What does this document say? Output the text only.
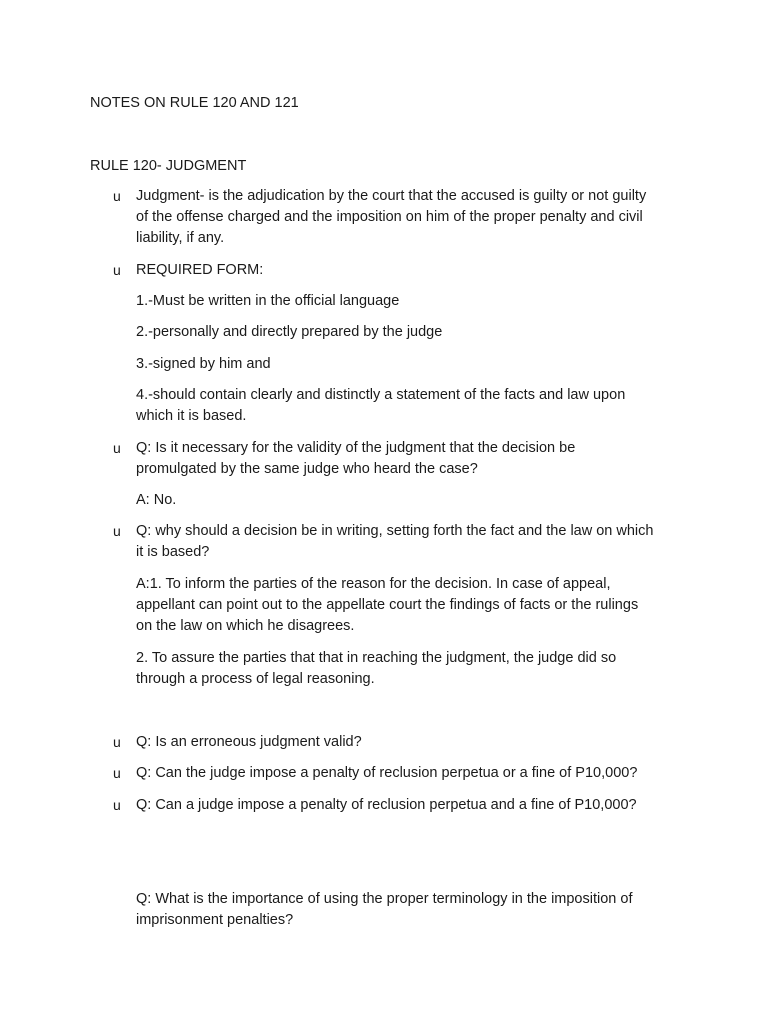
NOTES ON RULE 120 AND 121
RULE 120- JUDGMENT
u Judgment- is the adjudication by the court that the accused is guilty or not guilty
of the offense charged and the imposition on him of the proper penalty and civil
liability, if any.
u REQUIRED FORM:
1.-Must be written in the official language
2.-personally and directly prepared by the judge
3.-signed by him and
4.-should contain clearly and distinctly a statement of the facts and law upon
which it is based.
u Q: Is it necessary for the validity of the judgment that the decision be
promulgated by the same judge who heard the case?
A: No.
u Q: why should a decision be in writing, setting forth the fact and the law on which
it is based?
A:1. To inform the parties of the reason for the decision. In case of appeal,
appellant can point out to the appellate court the findings of facts or the rulings
on the law on which he disagrees.
2. To assure the parties that that in reaching the judgment, the judge did so
through a process of legal reasoning.
u Q: Is an erroneous judgment valid?
u Q: Can the judge impose a penalty of reclusion perpetua or a fine of P10,000?
u Q: Can a judge impose a penalty of reclusion perpetua and a fine of P10,000?
Q: What is the importance of using the proper terminology in the imposition of
imprisonment penalties?
